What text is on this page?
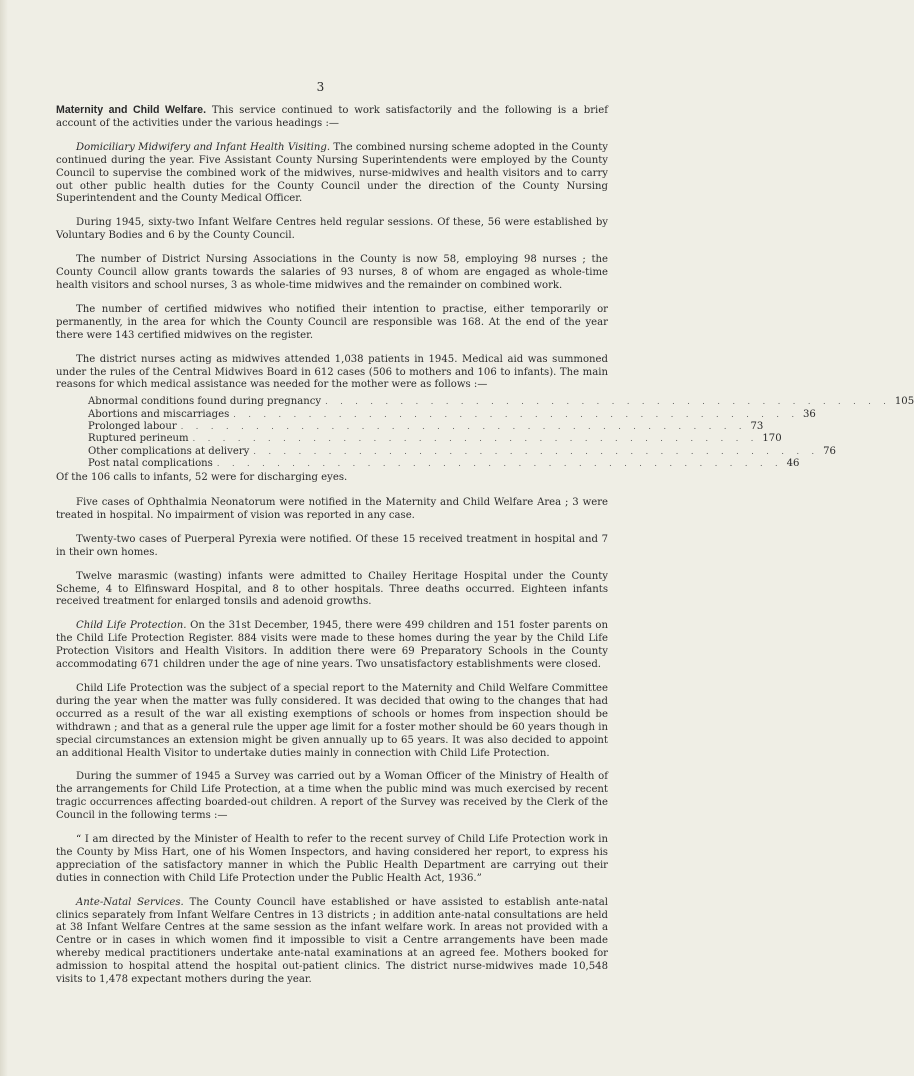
3

Maternity and Child Welfare. This service continued to work satisfactorily and the following is a brief account of the activities under the various headings :—

Domiciliary Midwifery and Infant Health Visiting. The combined nursing scheme adopted in the County continued during the year. Five Assistant County Nursing Superintendents were employed by the County Council to supervise the combined work of the midwives, nurse-midwives and health visitors and to carry out other public health duties for the County Council under the direction of the County Nursing Superintendent and the County Medical Officer.

During 1945, sixty-two Infant Welfare Centres held regular sessions. Of these, 56 were established by Voluntary Bodies and 6 by the County Council.

The number of District Nursing Associations in the County is now 58, employing 98 nurses ; the County Council allow grants towards the salaries of 93 nurses, 8 of whom are engaged as whole-time health visitors and school nurses, 3 as whole-time midwives and the remainder on combined work.

The number of certified midwives who notified their intention to practise, either temporarily or permanently, in the area for which the County Council are responsible was 168. At the end of the year there were 143 certified midwives on the register.

The district nurses acting as midwives attended 1,038 patients in 1945. Medical aid was summoned under the rules of the Central Midwives Board in 612 cases (506 to mothers and 106 to infants). The main reasons for which medical assistance was needed for the mother were as follows :—

Abnormal conditions found during pregnancy . . . . . . . . . . . . . . . . . . . . . . . . . . . . . . . . . . . . . . 105
Abortions and miscarriages . . . . . . . . . . . . . . . . . . . . . . . . . . . . . . . . . . . . . . 36
Prolonged labour . . . . . . . . . . . . . . . . . . . . . . . . . . . . . . . . . . . . . . 73
Ruptured perineum . . . . . . . . . . . . . . . . . . . . . . . . . . . . . . . . . . . . . . 170
Other complications at delivery . . . . . . . . . . . . . . . . . . . . . . . . . . . . . . . . . . . . . . 76
Post natal complications . . . . . . . . . . . . . . . . . . . . . . . . . . . . . . . . . . . . . . 46

Of the 106 calls to infants, 52 were for discharging eyes.

Five cases of Ophthalmia Neonatorum were notified in the Maternity and Child Welfare Area ; 3 were treated in hospital. No impairment of vision was reported in any case.

Twenty-two cases of Puerperal Pyrexia were notified. Of these 15 received treatment in hospital and 7 in their own homes.

Twelve marasmic (wasting) infants were admitted to Chailey Heritage Hospital under the County Scheme, 4 to Elfinsward Hospital, and 8 to other hospitals. Three deaths occurred. Eighteen infants received treatment for enlarged tonsils and adenoid growths.

Child Life Protection. On the 31st December, 1945, there were 499 children and 151 foster parents on the Child Life Protection Register. 884 visits were made to these homes during the year by the Child Life Protection Visitors and Health Visitors. In addition there were 69 Preparatory Schools in the County accommodating 671 children under the age of nine years. Two unsatisfactory establishments were closed.

Child Life Protection was the subject of a special report to the Maternity and Child Welfare Committee during the year when the matter was fully considered. It was decided that owing to the changes that had occurred as a result of the war all existing exemptions of schools or homes from inspection should be withdrawn ; and that as a general rule the upper age limit for a foster mother should be 60 years though in special circumstances an extension might be given annually up to 65 years. It was also decided to appoint an additional Health Visitor to undertake duties mainly in connection with Child Life Protection.

During the summer of 1945 a Survey was carried out by a Woman Officer of the Ministry of Health of the arrangements for Child Life Protection, at a time when the public mind was much exercised by recent tragic occurrences affecting boarded-out children. A report of the Survey was received by the Clerk of the Council in the following terms :—

“ I am directed by the Minister of Health to refer to the recent survey of Child Life Protection work in the County by Miss Hart, one of his Women Inspectors, and having considered her report, to express his appreciation of the satisfactory manner in which the Public Health Department are carrying out their duties in connection with Child Life Protection under the Public Health Act, 1936.”

Ante-Natal Services. The County Council have established or have assisted to establish ante-natal clinics separately from Infant Welfare Centres in 13 districts ; in addition ante-natal consultations are held at 38 Infant Welfare Centres at the same session as the infant welfare work. In areas not provided with a Centre or in cases in which women find it impossible to visit a Centre arrangements have been made whereby medical practitioners undertake ante-natal examinations at an agreed fee. Mothers booked for admission to hospital attend the hospital out-patient clinics. The district nurse-midwives made 10,548 visits to 1,478 expectant mothers during the year.
